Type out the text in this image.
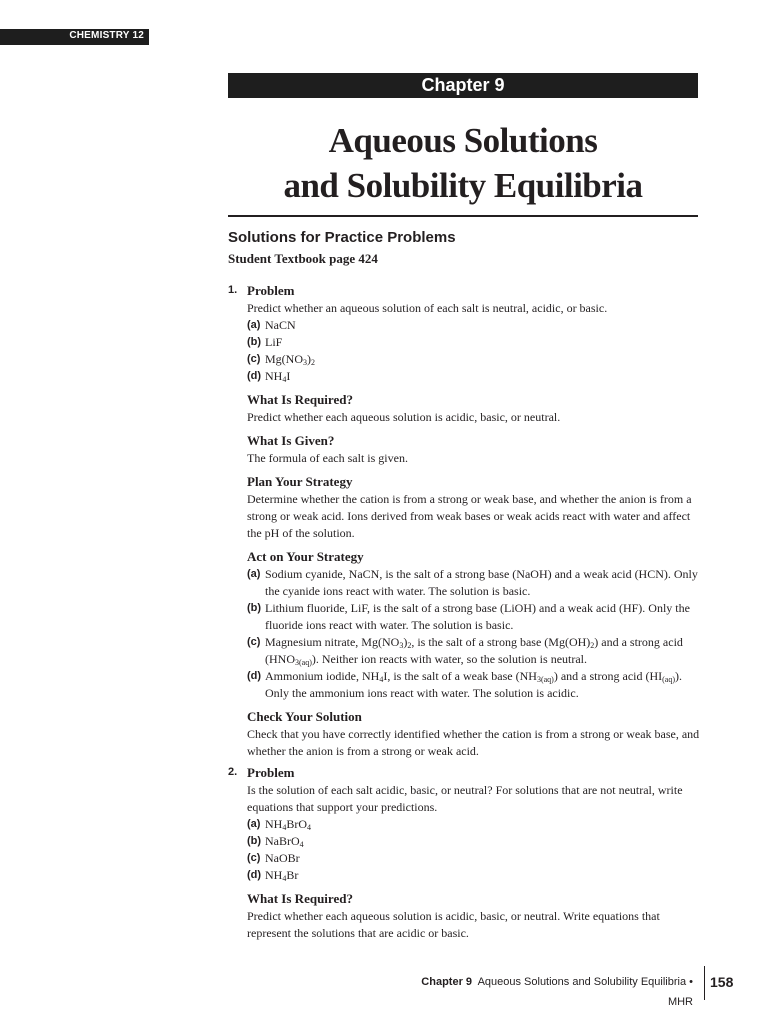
CHEMISTRY 12
Chapter 9
Aqueous Solutions
and Solubility Equilibria
Solutions for Practice Problems
Student Textbook page 424
1. Problem

Predict whether an aqueous solution of each salt is neutral, acidic, or basic.

(a) NaCN
(b) LiF
(c) $Mg(NO_3)_2$
(d) $NH_4I$

What Is Required?

Predict whether each aqueous solution is acidic, basic, or neutral.

What Is Given?

The formula of each salt is given.

Plan Your Strategy

Determine whether the cation is from a strong or weak base, and whether the anion is from a strong or weak acid. Ions derived from weak bases or weak acids react with water and affect the pH of the solution.

Act on Your Strategy

(a) Sodium cyanide, NaCN, is the salt of a strong base (NaOH) and a weak acid (HCN). Only the cyanide ions react with water. The solution is basic.
(b) Lithium fluoride, LiF, is the salt of a strong base (LiOH) and a weak acid (HF). Only the fluoride ions react with water. The solution is basic.
(c) Magnesium nitrate, $Mg(NO_3)_2$, is the salt of a strong base $(Mg(OH)_2)$ and a strong acid $(HNO_{3(aq)})$. Neither ion reacts with water, so the solution is neutral.
(d) Ammonium iodide, $NH_4I$, is the salt of a weak base $(NH_{3(aq)})$ and a strong acid $(HI_{(aq)})$. Only the ammonium ions react with water. The solution is acidic.

Check Your Solution

Check that you have correctly identified whether the cation is from a strong or weak base, and whether the anion is from a strong or weak acid.

2. Problem

Is the solution of each salt acidic, basic, or neutral? For solutions that are not neutral, write equations that support your predictions.

(a) $NH_4BrO_4$
(b) NaBrO$_4$
(c) NaOBr
(d) $NH_4Br$

What Is Required?

Predict whether each aqueous solution is acidic, basic, or neutral. Write equations that represent the solutions that are acidic or basic.

Chapter 9 Aqueous Solutions and Solubility Equilibria • MHR
158
